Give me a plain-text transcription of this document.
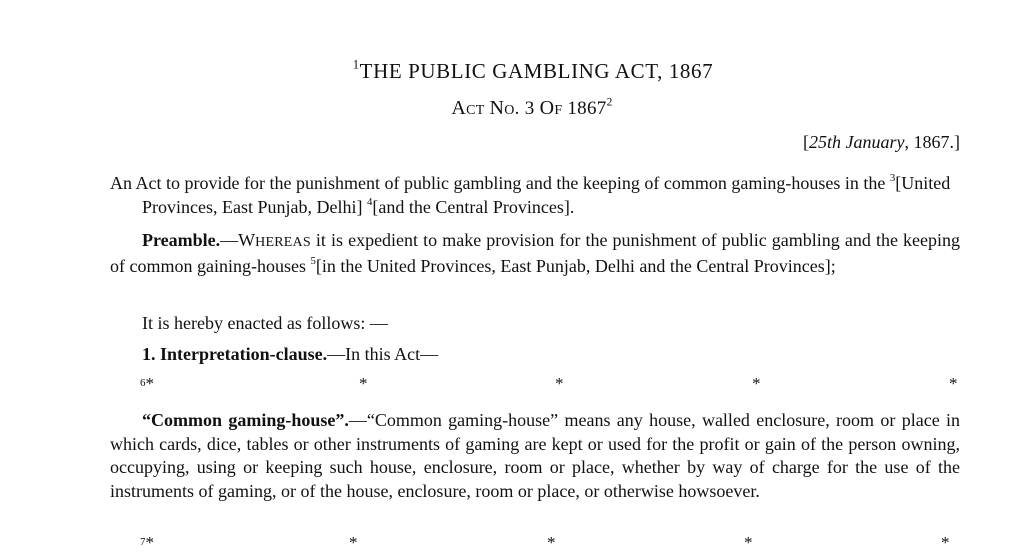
$^1$THE PUBLIC GAMBLING ACT, 1867
ACT NO. 3 OF 1867$^2$
[25th January, 1867.]
An Act to provide for the punishment of public gambling and the keeping of common gaming-houses in the $^3$[United Provinces, East Punjab, Delhi] $^4$[and the Central Provinces].
Preamble.—WHEREAS it is expedient to make provision for the punishment of public gambling and the keeping of common gaining-houses $^5$[in the United Provinces, East Punjab, Delhi and the Central Provinces];
It is hereby enacted as follows: —
1. Interpretation-clause.—In this Act—
6*	*	*	*	*
“Common gaming-house”.—“Common gaming-house” means any house, walled enclosure, room or place in which cards, dice, tables or other instruments of gaming are kept or used for the profit or gain of the person owning, occupying, using or keeping such house, enclosure, room or place, whether by way of charge for the use of the instruments of gaming, or of the house, enclosure, room or place, or otherwise howsoever.
7*	*	*	*	*
